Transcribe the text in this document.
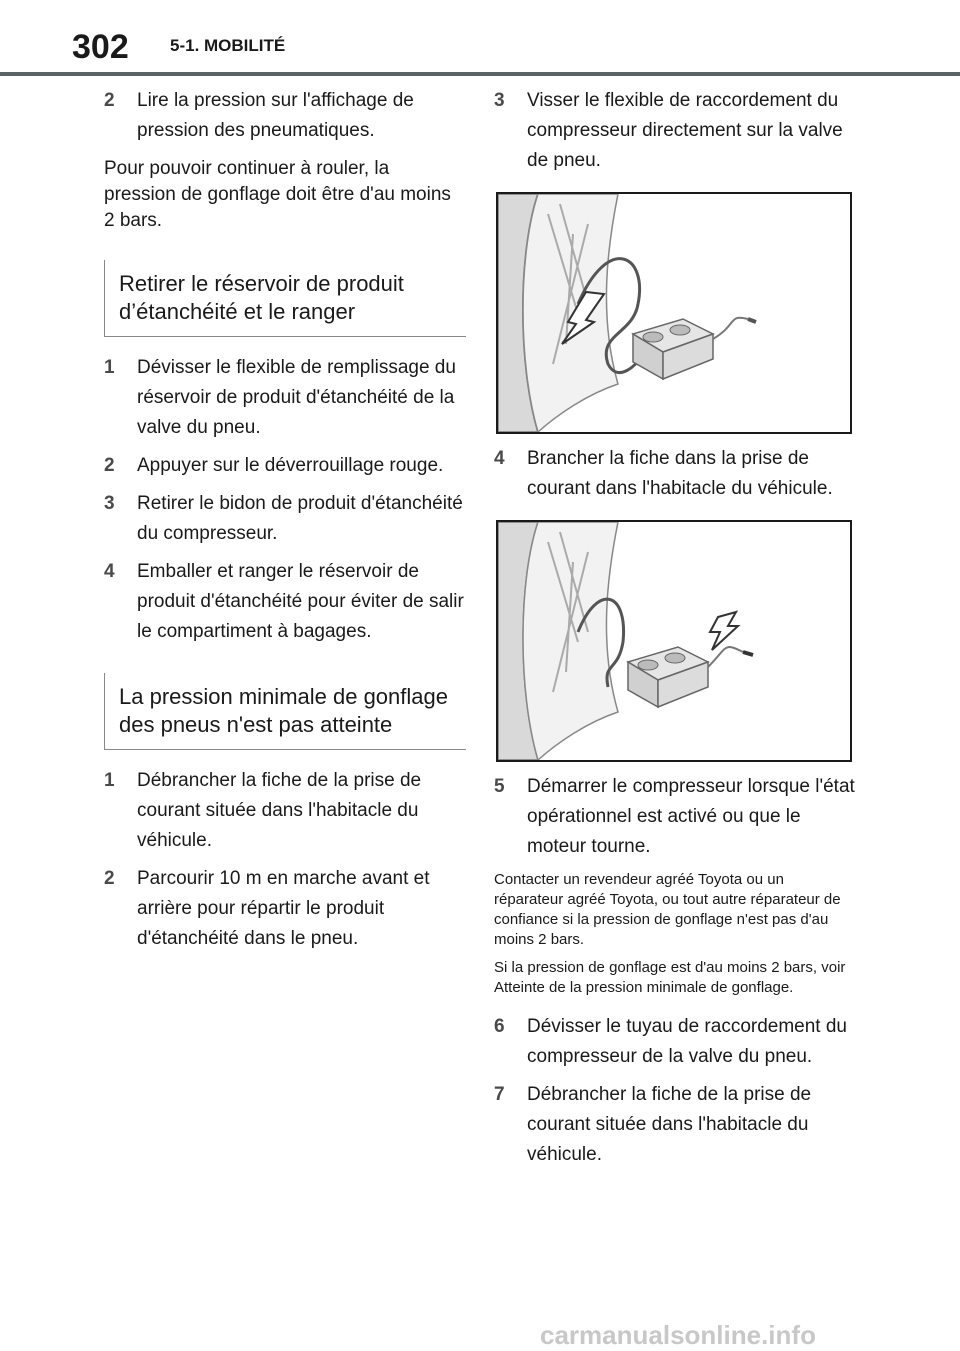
302 5-1. MOBILITÉ
2 Lire la pression sur l'affichage de pression des pneumatiques.
Pour pouvoir continuer à rouler, la pression de gonflage doit être d'au moins 2 bars.
Retirer le réservoir de produit d’étanchéité et le ranger
1 Dévisser le flexible de remplissage du réservoir de produit d'étanchéité de la valve du pneu.
2 Appuyer sur le déverrouillage rouge.
3 Retirer le bidon de produit d'étanchéité du compresseur.
4 Emballer et ranger le réservoir de produit d'étanchéité pour éviter de salir le compartiment à bagages.
La pression minimale de gonflage des pneus n'est pas atteinte
1 Débrancher la fiche de la prise de courant située dans l'habitacle du véhicule.
2 Parcourir 10 m en marche avant et arrière pour répartir le produit d'étanchéité dans le pneu.
3 Visser le flexible de raccordement du compresseur directement sur la valve de pneu.
4 Brancher la fiche dans la prise de courant dans l'habitacle du véhicule.
5 Démarrer le compresseur lorsque l'état opérationnel est activé ou que le moteur tourne.
Contacter un revendeur agréé Toyota ou un réparateur agréé Toyota, ou tout autre réparateur de confiance si la pression de gonflage n'est pas d'au moins 2 bars.
Si la pression de gonflage est d'au moins 2 bars, voir Atteinte de la pression minimale de gonflage.
6 Dévisser le tuyau de raccordement du compresseur de la valve du pneu.
7 Débrancher la fiche de la prise de courant située dans l'habitacle du véhicule.
carmanualsonline.info
